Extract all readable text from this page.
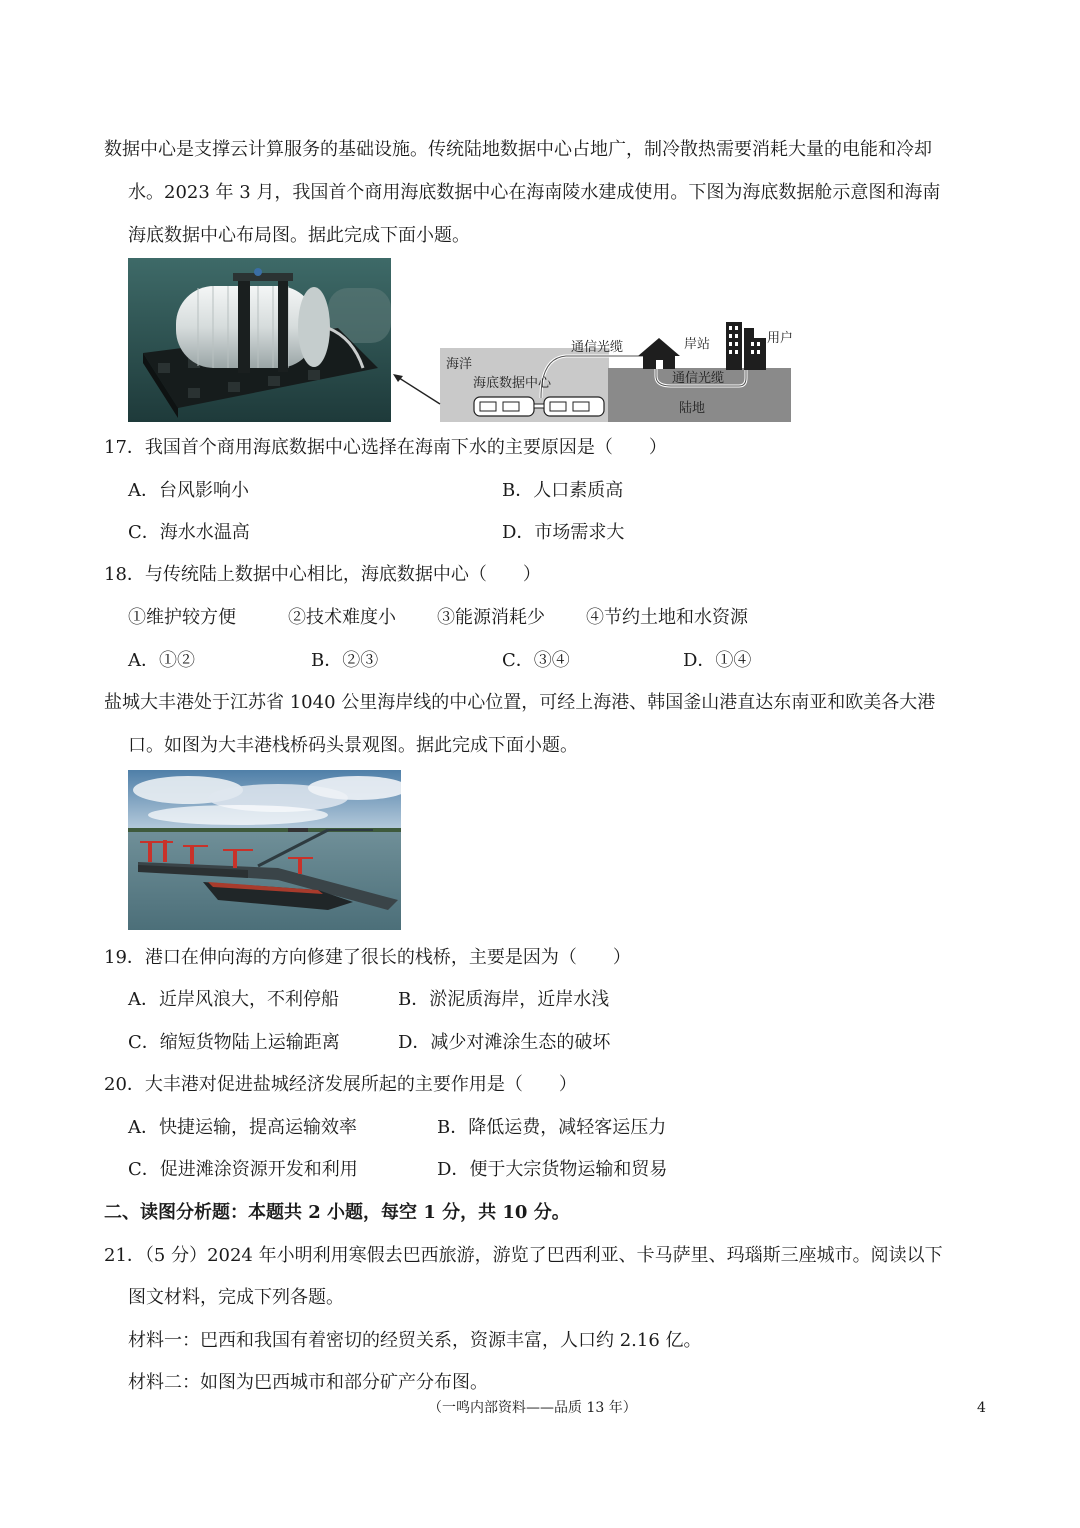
数据中心是支撑云计算服务的基础设施。传统陆地数据中心占地广，制冷散热需要消耗大量的电能和冷却
水。2023 年 3 月，我国首个商用海底数据中心在海南陵水建成使用。下图为海底数据舱示意图和海南
海底数据中心布局图。据此完成下面小题。
海洋
海底数据中心
通信光缆	岸站	用户
通信光缆
陆地
17．我国首个商用海底数据中心选择在海南下水的主要原因是（　　）
A．台风影响小	B．人口素质高
C．海水水温高	D．市场需求大
18．与传统陆上数据中心相比，海底数据中心（　　）
①维护较方便	②技术难度小 ③能源消耗少 ④节约土地和水资源
A．①②	B．②③	C．③④	D．①④
盐城大丰港处于江苏省 1040 公里海岸线的中心位置，可经上海港、韩国釜山港直达东南亚和欧美各大港
口。如图为大丰港栈桥码头景观图。据此完成下面小题。
19．港口在伸向海的方向修建了很长的栈桥，主要是因为（　　）
A．近岸风浪大，不利停船	B．淤泥质海岸，近岸水浅
C．缩短货物陆上运输距离	D．减少对滩涂生态的破坏
20．大丰港对促进盐城经济发展所起的主要作用是（　　）
A．快捷运输，提高运输效率	B．降低运费，减轻客运压力
C．促进滩涂资源开发和利用	D．便于大宗货物运输和贸易
二、读图分析题：本题共 2 小题，每空 1 分，共 10 分。
21．（5 分）2024 年小明利用寒假去巴西旅游，游览了巴西利亚、卡马萨里、玛瑙斯三座城市。阅读以下
图文材料，完成下列各题。
材料一：巴西和我国有着密切的经贸关系，资源丰富，人口约 2.16 亿。
材料二：如图为巴西城市和部分矿产分布图。
（一鸣内部资料——品质 13 年）	4
